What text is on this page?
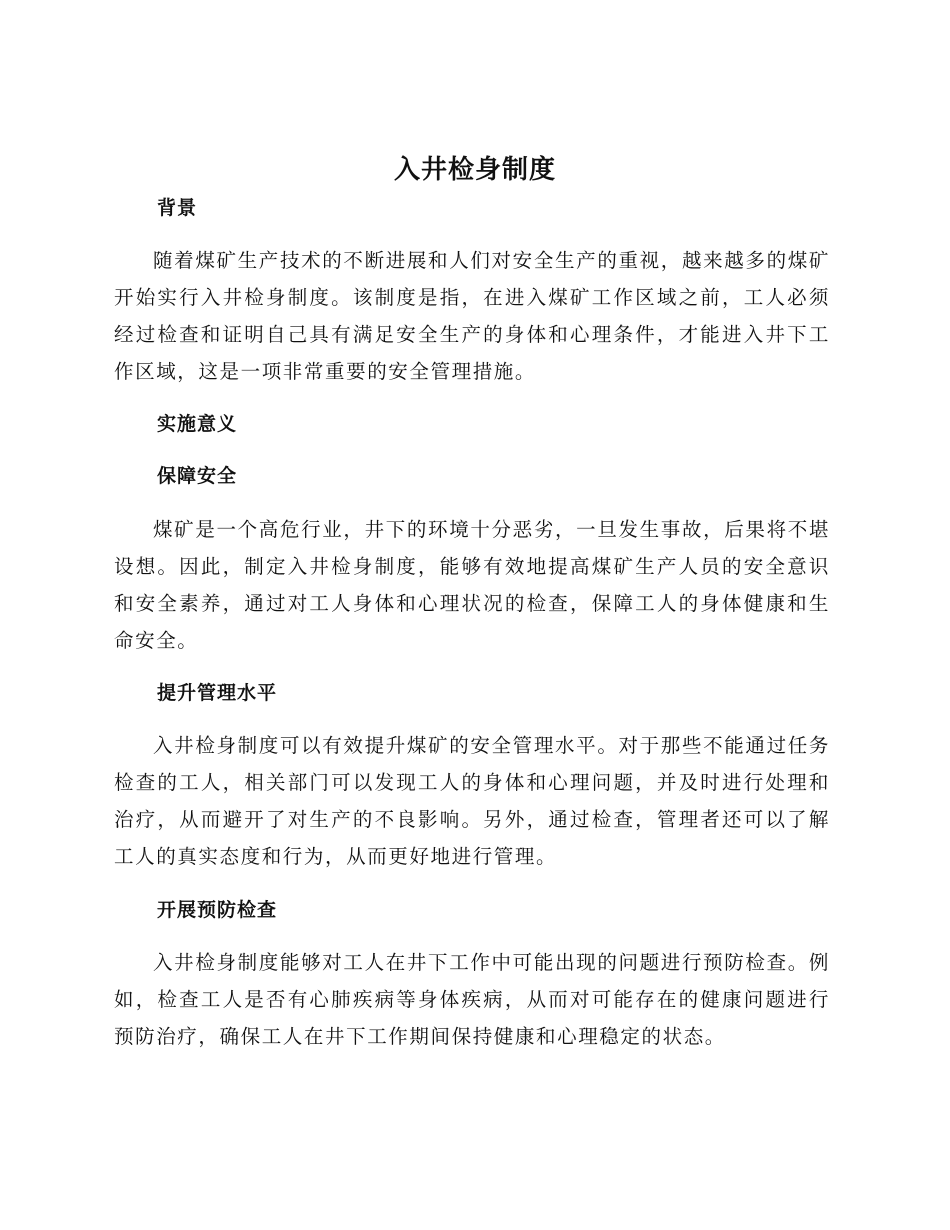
入井检身制度
背景

随着煤矿生产技术的不断进展和人们对安全生产的重视，越来越多的煤矿开始实行入井检身制度。该制度是指，在进入煤矿工作区域之前，工人必须经过检查和证明自己具有满足安全生产的身体和心理条件，才能进入井下工作区域，这是一项非常重要的安全管理措施。

实施意义
保障安全

煤矿是一个高危行业，井下的环境十分恶劣，一旦发生事故，后果将不堪设想。因此，制定入井检身制度，能够有效地提高煤矿生产人员的安全意识和安全素养，通过对工人身体和心理状况的检查，保障工人的身体健康和生命安全。

提升管理水平

入井检身制度可以有效提升煤矿的安全管理水平。对于那些不能通过任务检查的工人，相关部门可以发现工人的身体和心理问题，并及时进行处理和治疗，从而避开了对生产的不良影响。另外，通过检查，管理者还可以了解工人的真实态度和行为，从而更好地进行管理。

开展预防检查

入井检身制度能够对工人在井下工作中可能出现的问题进行预防检查。例如，检查工人是否有心肺疾病等身体疾病，从而对可能存在的健康问题进行预防治疗，确保工人在井下工作期间保持健康和心理稳定的状态。
